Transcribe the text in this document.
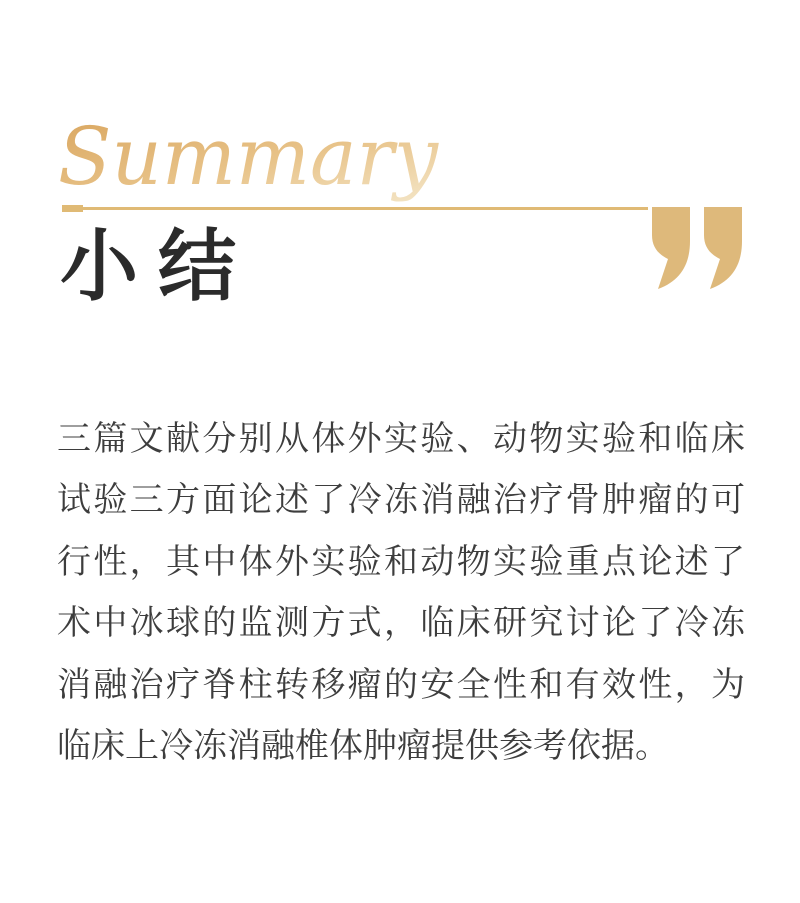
Summary
小结
三篇文献分别从体外实验、动物实验和临床
试验三方面论述了冷冻消融治疗骨肿瘤的可
行性，其中体外实验和动物实验重点论述了
术中冰球的监测方式，临床研究讨论了冷冻
消融治疗脊柱转移瘤的安全性和有效性，为
临床上冷冻消融椎体肿瘤提供参考依据。
